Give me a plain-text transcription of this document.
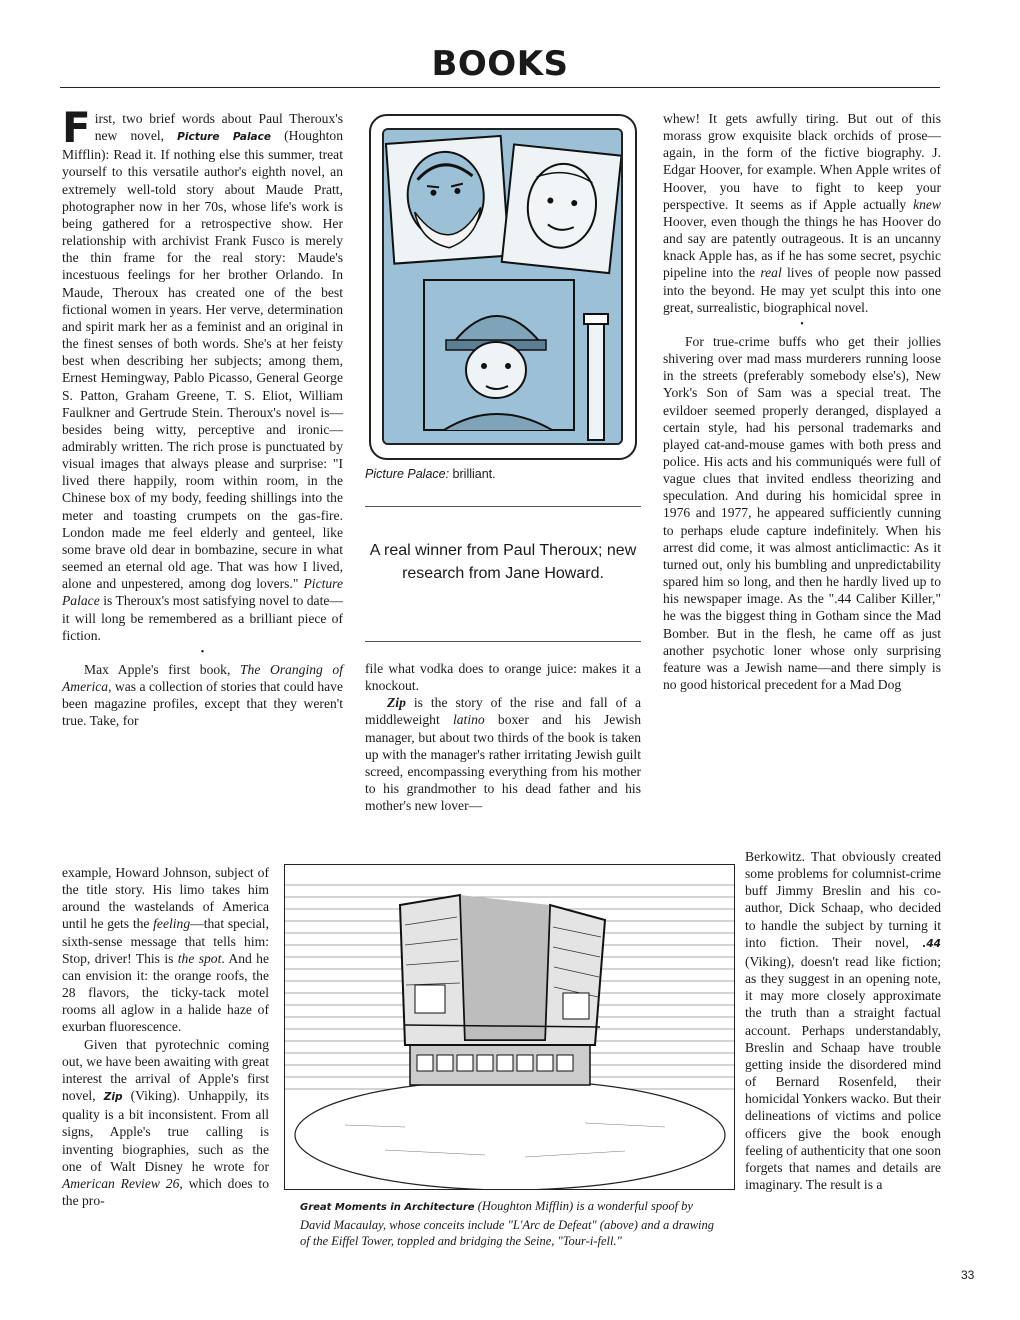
BOOKS

First, two brief words about Paul Theroux's new novel, Picture Palace (Houghton Mifflin): Read it. If nothing else this summer, treat yourself to this versatile author's eighth novel, an extremely well-told story about Maude Pratt, photographer now in her 70s, whose life's work is being gathered for a retrospective show. Her relationship with archivist Frank Fusco is merely the thin frame for the real story: Maude's incestuous feelings for her brother Orlando. In Maude, Theroux has created one of the best fictional women in years. Her verve, determination and spirit mark her as a feminist and an original in the finest senses of both words. She's at her feisty best when describing her subjects; among them, Ernest Hemingway, Pablo Picasso, General George S. Patton, Graham Greene, T. S. Eliot, William Faulkner and Gertrude Stein. Theroux's novel is—besides being witty, perceptive and ironic—admirably written. The rich prose is punctuated by visual images that always please and surprise: "I lived there happily, room within room, in the Chinese box of my body, feeding shillings into the meter and toasting crumpets on the gas-fire. London made me feel elderly and genteel, like some brave old dear in bombazine, secure in what seemed an eternal old age. That was how I lived, alone and unpestered, among dog lovers." Picture Palace is Theroux's most satisfying novel to date—it will long be remembered as a brilliant piece of fiction.

•

Max Apple's first book, The Oranging of America, was a collection of stories that could have been magazine profiles, except that they weren't true. Take, for

example, Howard Johnson, subject of the title story. His limo takes him around the wastelands of America until he gets the feeling—that special, sixth-sense message that tells him: Stop, driver! This is the spot. And he can envision it: the orange roofs, the 28 flavors, the ticky-tack motel rooms all aglow in a halide haze of exurban fluorescence.

Given that pyrotechnic coming out, we have been awaiting with great interest the arrival of Apple's first novel, Zip (Viking). Unhappily, its quality is a bit inconsistent. From all signs, Apple's true calling is inventing biographies, such as the one of Walt Disney he wrote for American Review 26, which does to the pro-

Picture Palace: brilliant.
A real winner from Paul Theroux; new research from Jane Howard.

file what vodka does to orange juice: makes it a knockout.

Zip is the story of the rise and fall of a middleweight latino boxer and his Jewish manager, but about two thirds of the book is taken up with the manager's rather irritating Jewish guilt screed, encompassing everything from his mother to his grandmother to his dead father and his mother's new lover—

whew! It gets awfully tiring. But out of this morass grow exquisite black orchids of prose—again, in the form of the fictive biography. J. Edgar Hoover, for example. When Apple writes of Hoover, you have to fight to keep your perspective. It seems as if Apple actually knew Hoover, even though the things he has Hoover do and say are patently outrageous. It is an uncanny knack Apple has, as if he has some secret, psychic pipeline into the real lives of people now passed into the beyond. He may yet sculpt this into one great, surrealistic, biographical novel.

•

For true-crime buffs who get their jollies shivering over mad mass murderers running loose in the streets (preferably somebody else's), New York's Son of Sam was a special treat. The evildoer seemed properly deranged, displayed a certain style, had his personal trademarks and played cat-and-mouse games with both press and police. His acts and his communiqués were full of vague clues that invited endless theorizing and speculation. And during his homicidal spree in 1976 and 1977, he appeared sufficiently cunning to perhaps elude capture indefinitely. When his arrest did come, it was almost anticlimactic: As it turned out, only his bumbling and unpredictability spared him so long, and then he hardly lived up to his newspaper image. As the ".44 Caliber Killer," he was the biggest thing in Gotham since the Mad Bomber. But in the flesh, he came off as just another psychotic loner whose only surprising feature was a Jewish name—and there simply is no good historical precedent for a Mad Dog

Berkowitz. That obviously created some problems for columnist-crime buff Jimmy Breslin and his co-author, Dick Schaap, who decided to handle the subject by turning it into fiction. Their novel, .44 (Viking), doesn't read like fiction; as they suggest in an opening note, it may more closely approximate the truth than a straight factual account. Perhaps understandably, Breslin and Schaap have trouble getting inside the disordered mind of Bernard Rosenfeld, their homicidal Yonkers wacko. But their delineations of victims and police officers give the book enough feeling of authenticity that one soon forgets that names and details are imaginary. The result is a

Great Moments in Architecture (Houghton Mifflin) is a wonderful spoof by David Macaulay, whose conceits include "L'Arc de Defeat" (above) and a drawing of the Eiffel Tower, toppled and bridging the Seine, "Tour-i-fell."
33
